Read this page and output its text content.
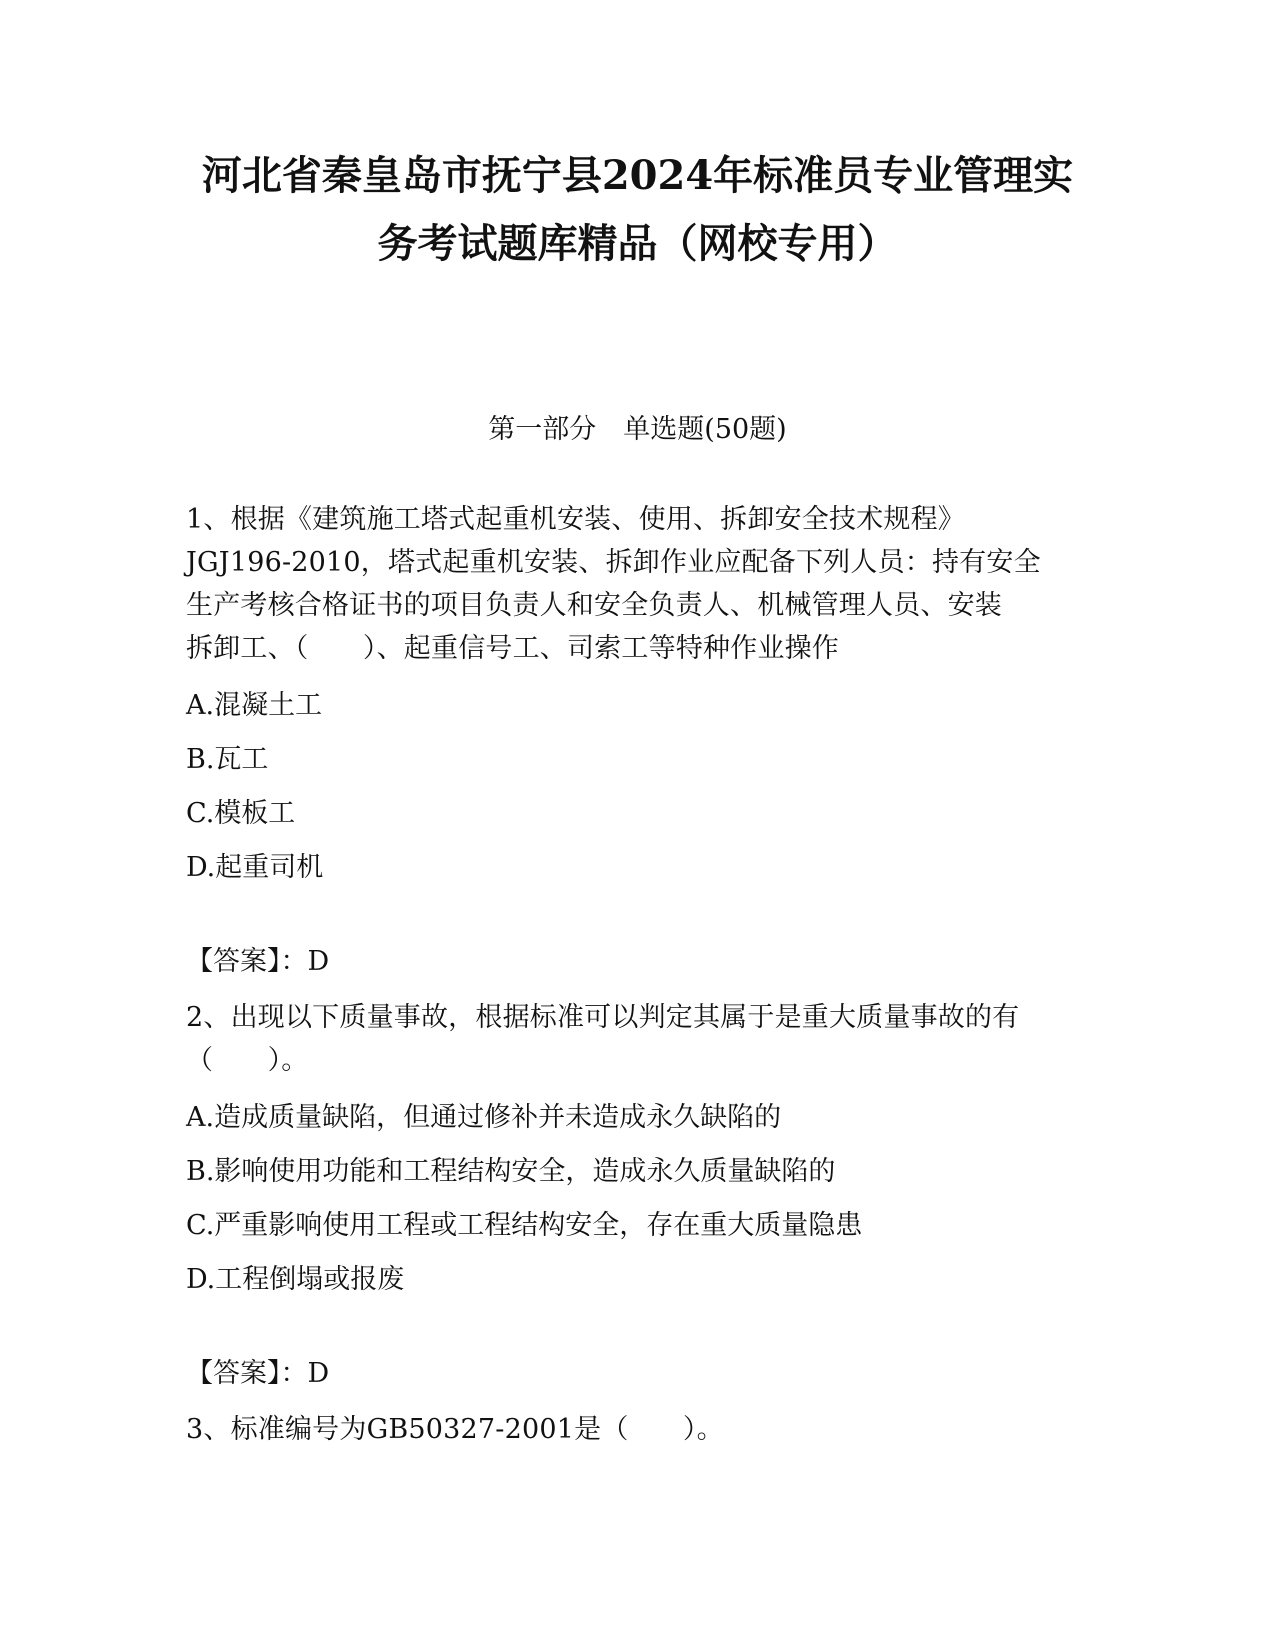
河北省秦皇岛市抚宁县2024年标准员专业管理实
务考试题库精品（网校专用）
第一部分　单选题(50题)
1、根据《建筑施工塔式起重机安装、使用、拆卸安全技术规程》
JGJ196-2010，塔式起重机安装、拆卸作业应配备下列人员：持有安全
生产考核合格证书的项目负责人和安全负责人、机械管理人员、安装
拆卸工、（　　）、起重信号工、司索工等特种作业操作
A.混凝土工
B.瓦工
C.模板工
D.起重司机
【答案】：D
2、出现以下质量事故，根据标准可以判定其属于是重大质量事故的有
（　　）。
A.造成质量缺陷，但通过修补并未造成永久缺陷的
B.影响使用功能和工程结构安全，造成永久质量缺陷的
C.严重影响使用工程或工程结构安全，存在重大质量隐患
D.工程倒塌或报废
【答案】：D
3、标准编号为GB50327-2001是（　　）。
